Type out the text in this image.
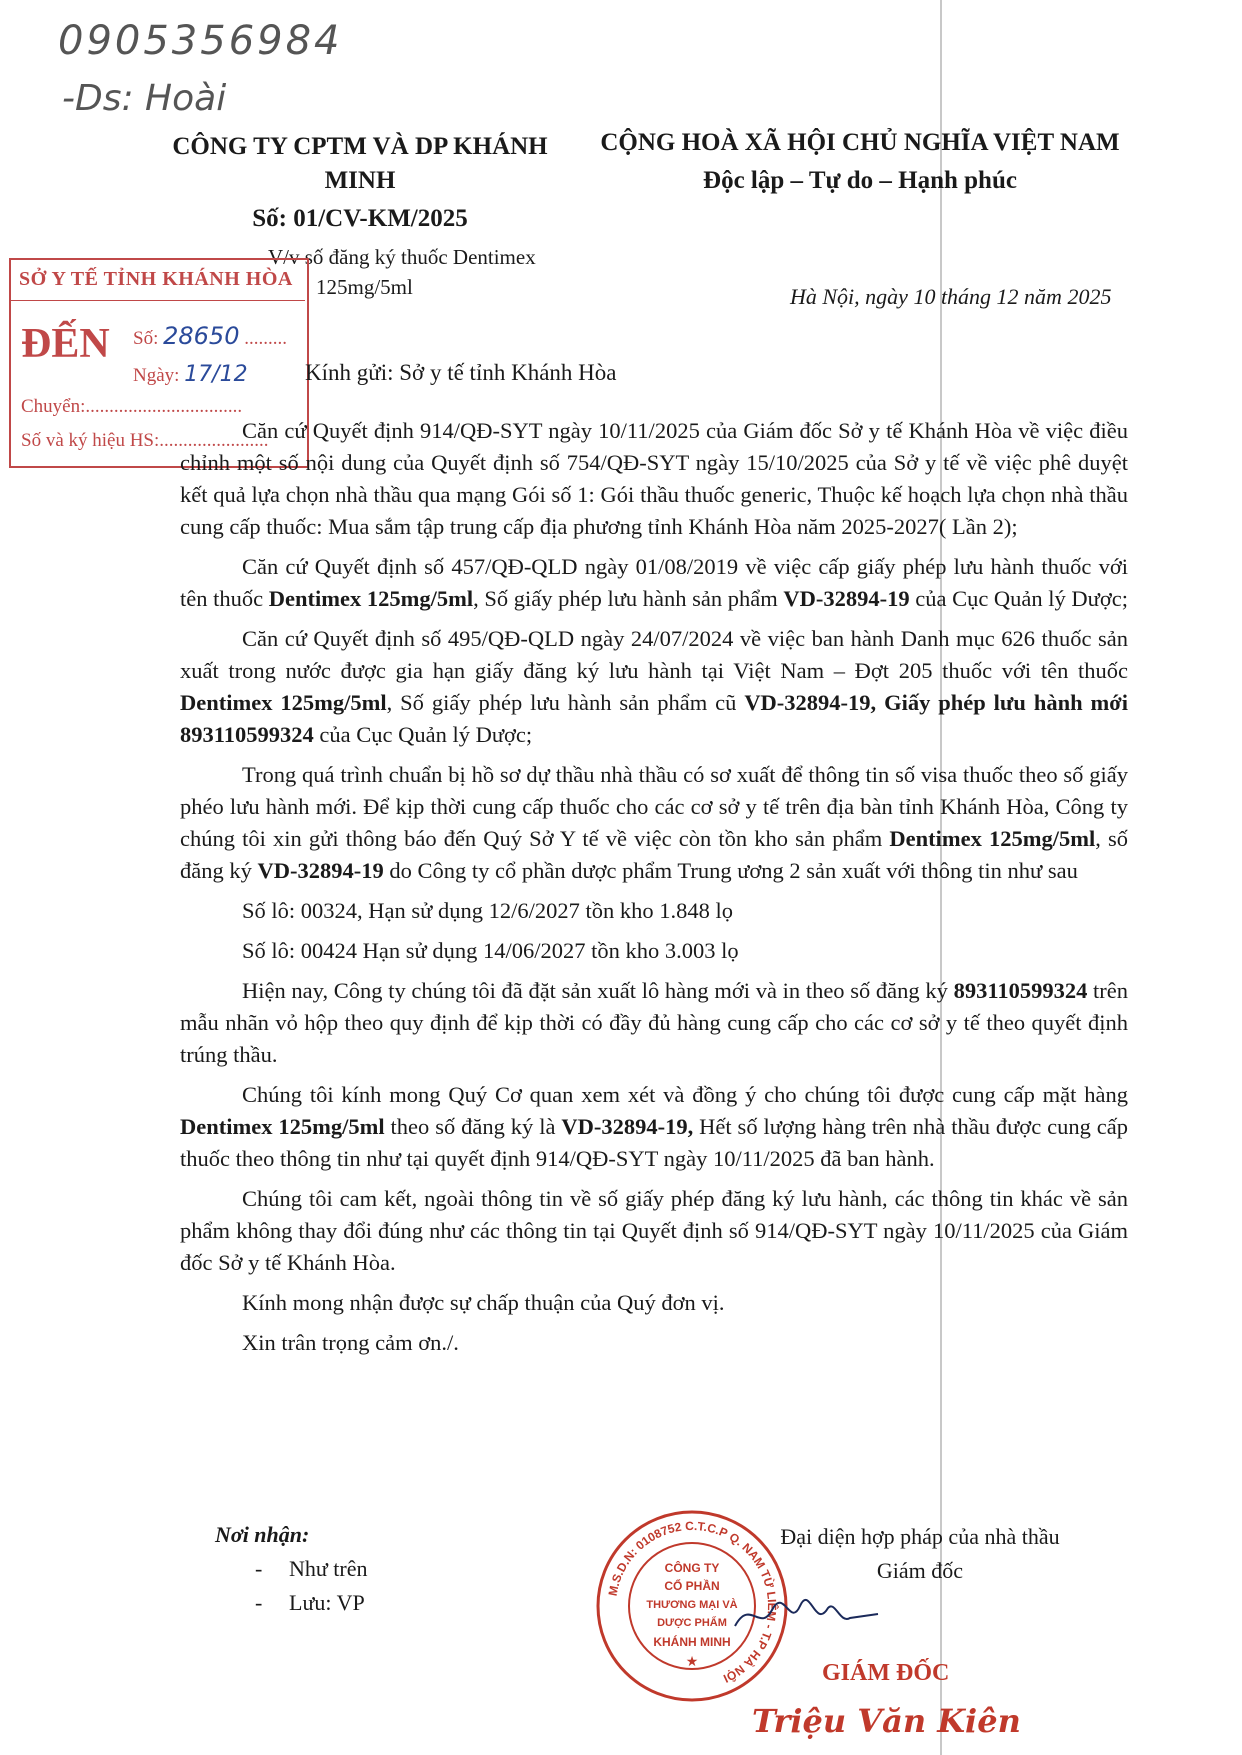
0905356984
-Ds: Hoài
CÔNG TY CPTM VÀ DP KHÁNH
MINH
Số: 01/CV-KM/2025
V/v số đăng ký thuốc Dentimex
125mg/5ml
CỘNG HOÀ XÃ HỘI CHỦ NGHĨA VIỆT NAM
Độc lập – Tự do – Hạnh phúc
Hà Nội, ngày 10 tháng 12 năm 2025
SỞ Y TẾ TỈNH KHÁNH HÒA
ĐẾN Số: 28650 .........
Ngày: 17/12
Chuyển:.................................
Số và ký hiệu HS:.......................
Kính gửi: Sở y tế tỉnh Khánh Hòa

Căn cứ Quyết định 914/QĐ-SYT ngày 10/11/2025 của Giám đốc Sở y tế Khánh Hòa về việc điều chỉnh một số nội dung của Quyết định số 754/QĐ-SYT ngày 15/10/2025 của Sở y tế về việc phê duyệt kết quả lựa chọn nhà thầu qua mạng Gói số 1: Gói thầu thuốc generic, Thuộc kế hoạch lựa chọn nhà thầu cung cấp thuốc: Mua sắm tập trung cấp địa phương tỉnh Khánh Hòa năm 2025-2027( Lần 2);

Căn cứ Quyết định số 457/QĐ-QLD ngày 01/08/2019 về việc cấp giấy phép lưu hành thuốc với tên thuốc Dentimex 125mg/5ml, Số giấy phép lưu hành sản phẩm VD-32894-19 của Cục Quản lý Dược;

Căn cứ Quyết định số 495/QĐ-QLD ngày 24/07/2024 về việc ban hành Danh mục 626 thuốc sản xuất trong nước được gia hạn giấy đăng ký lưu hành tại Việt Nam – Đợt 205 thuốc với tên thuốc Dentimex 125mg/5ml, Số giấy phép lưu hành sản phẩm cũ VD-32894-19, Giấy phép lưu hành mới 893110599324 của Cục Quản lý Dược;

Trong quá trình chuẩn bị hồ sơ dự thầu nhà thầu có sơ xuất để thông tin số visa thuốc theo số giấy phéo lưu hành mới. Để kịp thời cung cấp thuốc cho các cơ sở y tế trên địa bàn tỉnh Khánh Hòa, Công ty chúng tôi xin gửi thông báo đến Quý Sở Y tế về việc còn tồn kho sản phẩm Dentimex 125mg/5ml, số đăng ký VD-32894-19 do Công ty cổ phần dược phẩm Trung ương 2 sản xuất với thông tin như sau

Số lô: 00324, Hạn sử dụng 12/6/2027 tồn kho 1.848 lọ

Số lô: 00424 Hạn sử dụng 14/06/2027 tồn kho 3.003 lọ

Hiện nay, Công ty chúng tôi đã đặt sản xuất lô hàng mới và in theo số đăng ký 893110599324 trên mẫu nhãn vỏ hộp theo quy định để kịp thời có đầy đủ hàng cung cấp cho các cơ sở y tế theo quyết định trúng thầu.

Chúng tôi kính mong Quý Cơ quan xem xét và đồng ý cho chúng tôi được cung cấp mặt hàng Dentimex 125mg/5ml theo số đăng ký là VD-32894-19, Hết số lượng hàng trên nhà thầu được cung cấp thuốc theo thông tin như tại quyết định 914/QĐ-SYT ngày 10/11/2025 đã ban hành.

Chúng tôi cam kết, ngoài thông tin về số giấy phép đăng ký lưu hành, các thông tin khác về sản phẩm không thay đổi đúng như các thông tin tại Quyết định số 914/QĐ-SYT ngày 10/11/2025 của Giám đốc Sở y tế Khánh Hòa.

Kính mong nhận được sự chấp thuận của Quý đơn vị.

Xin trân trọng cảm ơn./.

Nơi nhận:
- Như trên
- Lưu: VP
Đại diện hợp pháp của nhà thầu
Giám đốc
M.S.D.N: 0108752 C.T.C.P Q. NAM TỪ LIÊM - T.P HÀ NỘI
CÔNG TY
CỔ PHẦN
THƯƠNG MẠI VÀ
DƯỢC PHẨM
KHÁNH MINH
★	GIÁM ĐỐC
Triệu Văn Kiên
